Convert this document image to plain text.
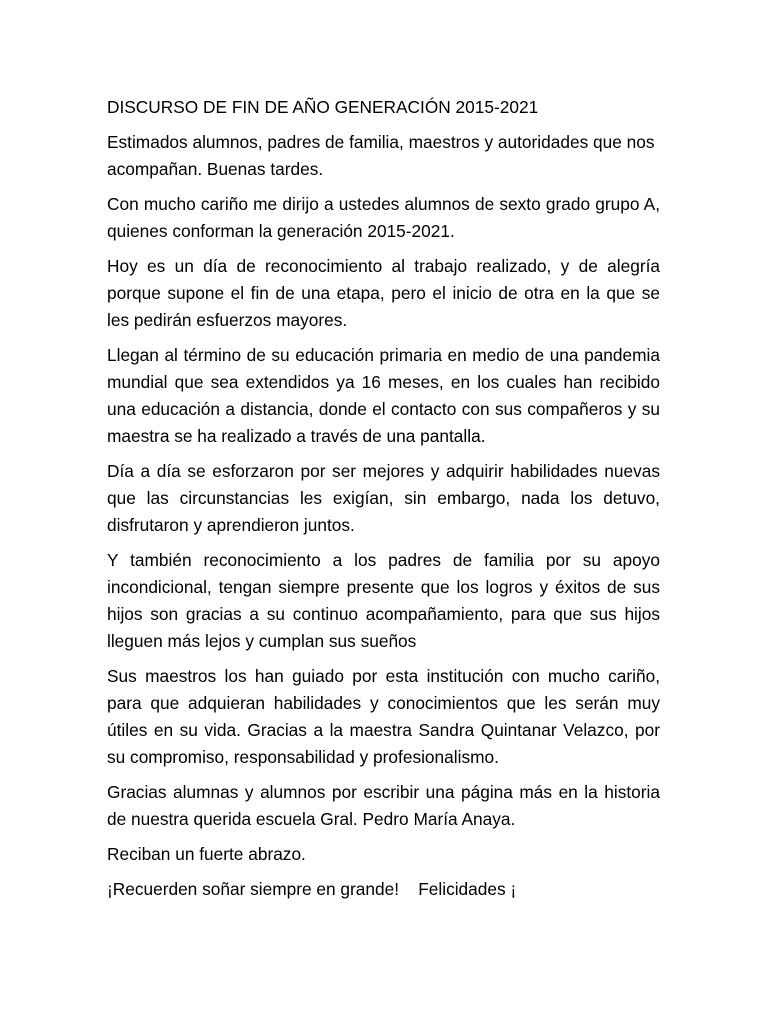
DISCURSO DE FIN DE AÑO GENERACIÓN 2015-2021

Estimados alumnos, padres de familia, maestros y autoridades que nos acompañan. Buenas tardes.

Con mucho cariño me dirijo a ustedes alumnos de sexto grado grupo A, quienes conforman la generación 2015-2021.

Hoy es un día de reconocimiento al trabajo realizado, y de alegría porque supone el fin de una etapa, pero el inicio de otra en la que se les pedirán esfuerzos mayores.

Llegan al término de su educación primaria en medio de una pandemia mundial que sea extendidos ya 16 meses, en los cuales han recibido una educación a distancia, donde el contacto con sus compañeros y su maestra se ha realizado a través de una pantalla.

Día a día se esforzaron por ser mejores y adquirir habilidades nuevas que las circunstancias les exigían, sin embargo, nada los detuvo, disfrutaron y aprendieron juntos.

Y también reconocimiento a los padres de familia por su apoyo incondicional, tengan siempre presente que los logros y éxitos de sus hijos son gracias a su continuo acompañamiento, para que sus hijos lleguen más lejos y cumplan sus sueños

Sus maestros los han guiado por esta institución con mucho cariño, para que adquieran habilidades y conocimientos que les serán muy útiles en su vida. Gracias a la maestra Sandra Quintanar Velazco, por su compromiso, responsabilidad y profesionalismo.

Gracias alumnas y alumnos por escribir una página más en la historia de nuestra querida escuela Gral. Pedro María Anaya.

Reciban un fuerte abrazo.

¡Recuerden soñar siempre en grande!    Felicidades ¡
